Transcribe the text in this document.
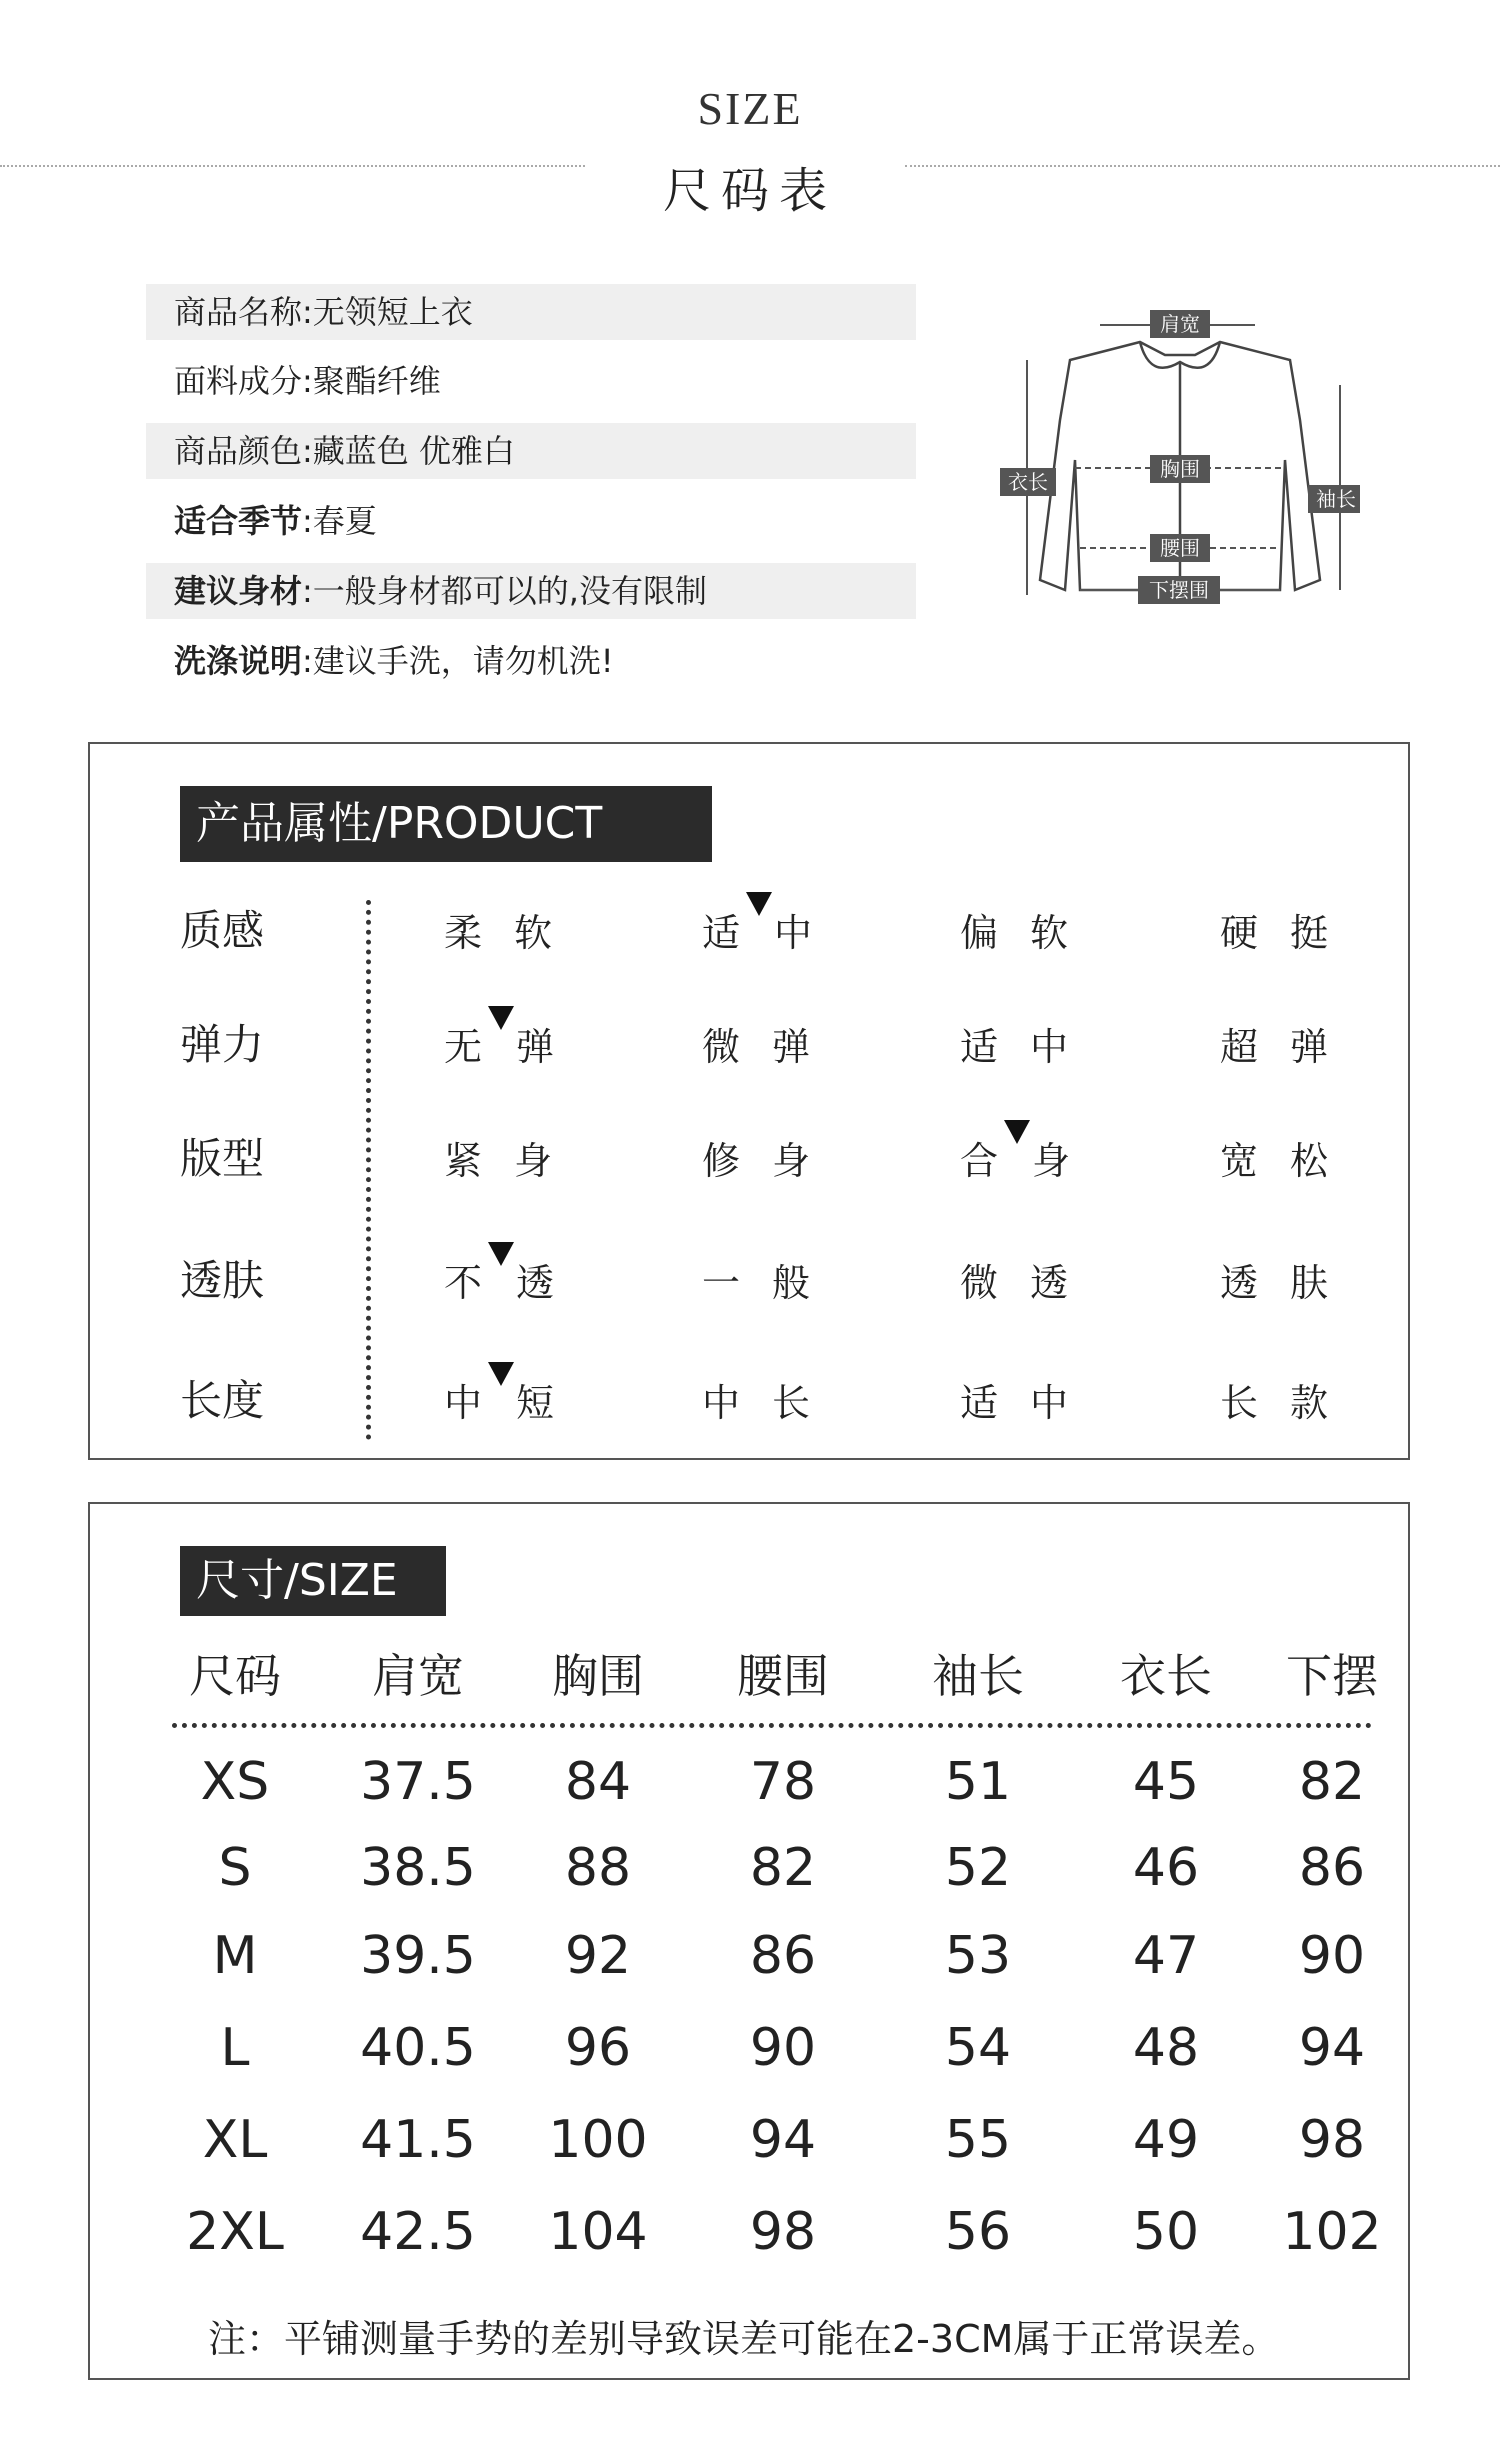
SIZE
尺码表
商品名称:无领短上衣
面料成分:聚酯纤维
商品颜色:藏蓝色 优雅白
适合季节:春夏
建议身材:一般身材都可以的,没有限制
洗涤说明:建议手洗，请勿机洗!
肩宽
衣长
胸围
袖长
腰围
下摆围
产品属性/PRODUCT
质感	柔 软	适 中	偏 软	硬 挺
弹力	无 弹	微 弹	适 中	超 弹
版型	紧 身	修 身	合 身	宽 松
透肤	不 透	一 般	微 透	透 肤
长度	中 短	中 长	适 中	长 款
尺寸/SIZE
尺码	肩宽	胸围	腰围	袖长	衣长	下摆
XS	37.5	84	78	51	45	82
S	38.5	88	82	52	46	86
M	39.5	92	86	53	47	90
L	40.5	96	90	54	48	94
XL	41.5	100	94	55	49	98
2XL	42.5	104	98	56	50	102
注：平铺测量手势的差别导致误差可能在2-3CM属于正常误差。
